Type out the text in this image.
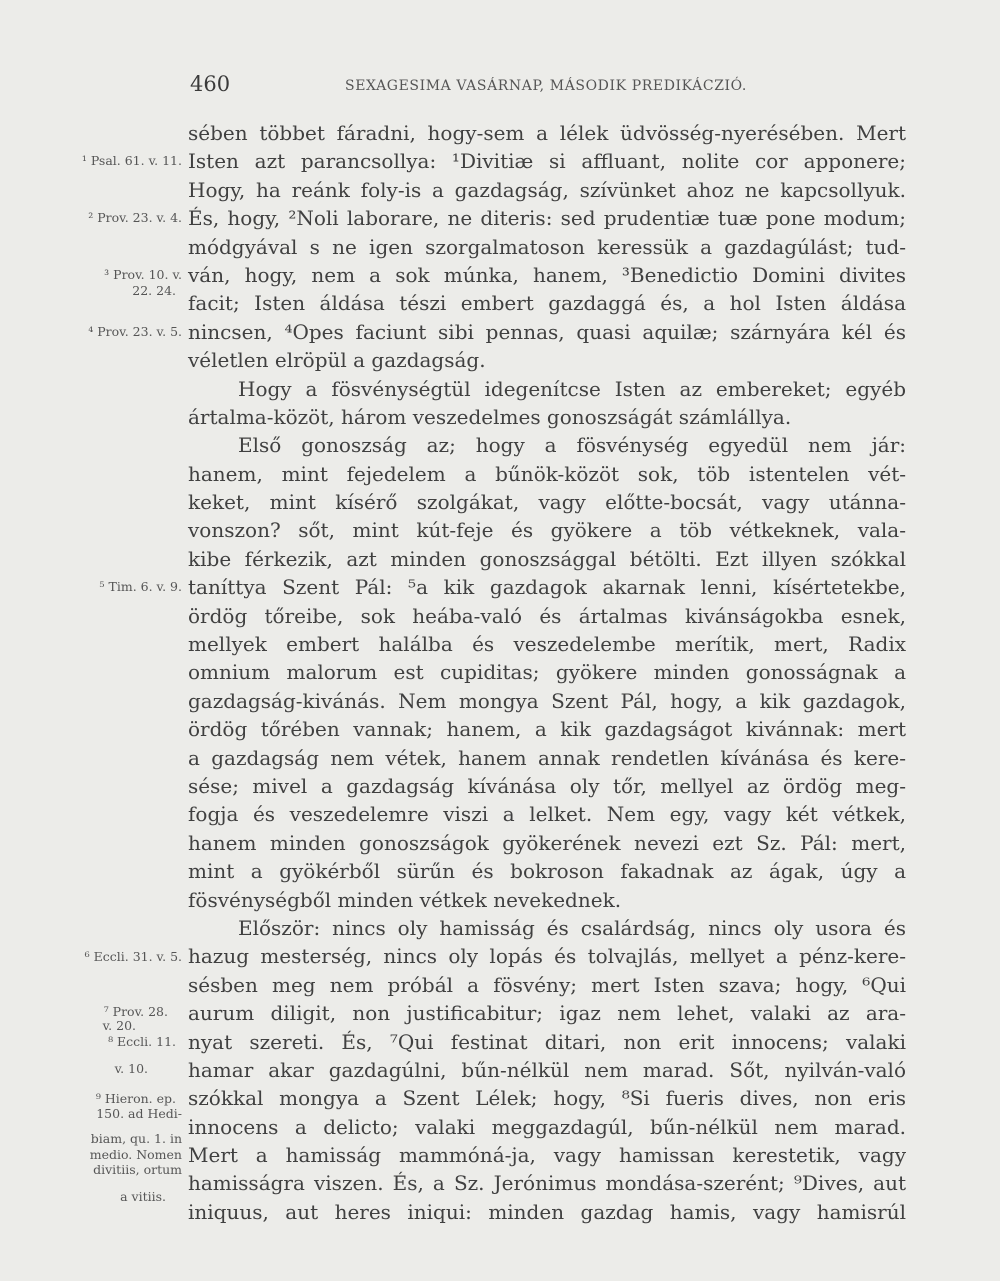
460	SEXAGESIMA VASÁRNAP, MÁSODIK PREDIKÁCZIÓ.
¹ Psal. 61. v. 11.
² Prov. 23. v. 4.
³ Prov. 10. v.
22. 24.
⁴ Prov. 23. v. 5.
⁵ Tim. 6. v. 9.
⁶ Eccli. 31. v. 5.
⁷ Prov. 28.
v. 20.
⁸ Eccli. 11.
v. 10.
⁹ Hieron. ep.
150. ad Hedi-
biam, qu. 1. in
medio. Nomen
divitiis, ortum
a vitiis.
sében többet fáradni, hogy-sem a lélek üdvösség-nyerésében. Mert
Isten azt parancsollya: ¹Divitiæ si affluant, nolite cor apponere;
Hogy, ha reánk foly-is a gazdagság, szívünket ahoz ne kapcsollyuk.
És, hogy, ²Noli laborare, ne diteris: sed prudentiæ tuæ pone modum;
módgyával s ne igen szorgalmatoson keressük a gazdagúlást; tud-
ván, hogy, nem a sok múnka, hanem, ³Benedictio Domini divites
facit; Isten áldása tészi embert gazdaggá és, a hol Isten áldása
nincsen, ⁴Opes faciunt sibi pennas, quasi aquilæ; szárnyára kél és
véletlen elröpül a gazdagság.
Hogy a fösvénységtül idegenítcse Isten az embereket; egyéb
ártalma-közöt, három veszedelmes gonoszságát számlállya.
Első gonoszság az; hogy a fösvénység egyedül nem jár:
hanem, mint fejedelem a bűnök-közöt sok, töb istentelen vét-
keket, mint kísérő szolgákat, vagy előtte-bocsát, vagy utánna-
vonszon? sőt, mint kút-feje és gyökere a töb vétkeknek, vala-
kibe férkezik, azt minden gonoszsággal bétölti. Ezt illyen szókkal
taníttya Szent Pál: ⁵a kik gazdagok akarnak lenni, kísértetekbe,
ördög tőreibe, sok heába-való és ártalmas kivánságokba esnek,
mellyek embert halálba és veszedelembe merítik, mert, Radix
omnium malorum est cupiditas; gyökere minden gonosságnak a
gazdagság-kivánás. Nem mongya Szent Pál, hogy, a kik gazdagok,
ördög tőrében vannak; hanem, a kik gazdagságot kivánnak: mert
a gazdagság nem vétek, hanem annak rendetlen kívánása és kere-
sése; mivel a gazdagság kívánása oly tőr, mellyel az ördög meg-
fogja és veszedelemre viszi a lelket. Nem egy, vagy két vétkek,
hanem minden gonoszságok gyökerének nevezi ezt Sz. Pál: mert,
mint a gyökérből sürűn és bokroson fakadnak az ágak, úgy a
fösvénységből minden vétkek nevekednek.
Először: nincs oly hamisság és csalárdság, nincs oly usora és
hazug mesterség, nincs oly lopás és tolvajlás, mellyet a pénz-kere-
sésben meg nem próbál a fösvény; mert Isten szava; hogy, ⁶Qui
aurum diligit, non justificabitur; igaz nem lehet, valaki az ara-
nyat szereti. És, ⁷Qui festinat ditari, non erit innocens; valaki
hamar akar gazdagúlni, bűn-nélkül nem marad. Sőt, nyilván-való
szókkal mongya a Szent Lélek; hogy, ⁸Si fueris dives, non eris
innocens a delicto; valaki meggazdagúl, bűn-nélkül nem marad.
Mert a hamisság mammóná-ja, vagy hamissan kerestetik, vagy
hamisságra viszen. És, a Sz. Jerónimus mondása-szerént; ⁹Dives, aut
iniquus, aut heres iniqui: minden gazdag hamis, vagy hamisrúl
